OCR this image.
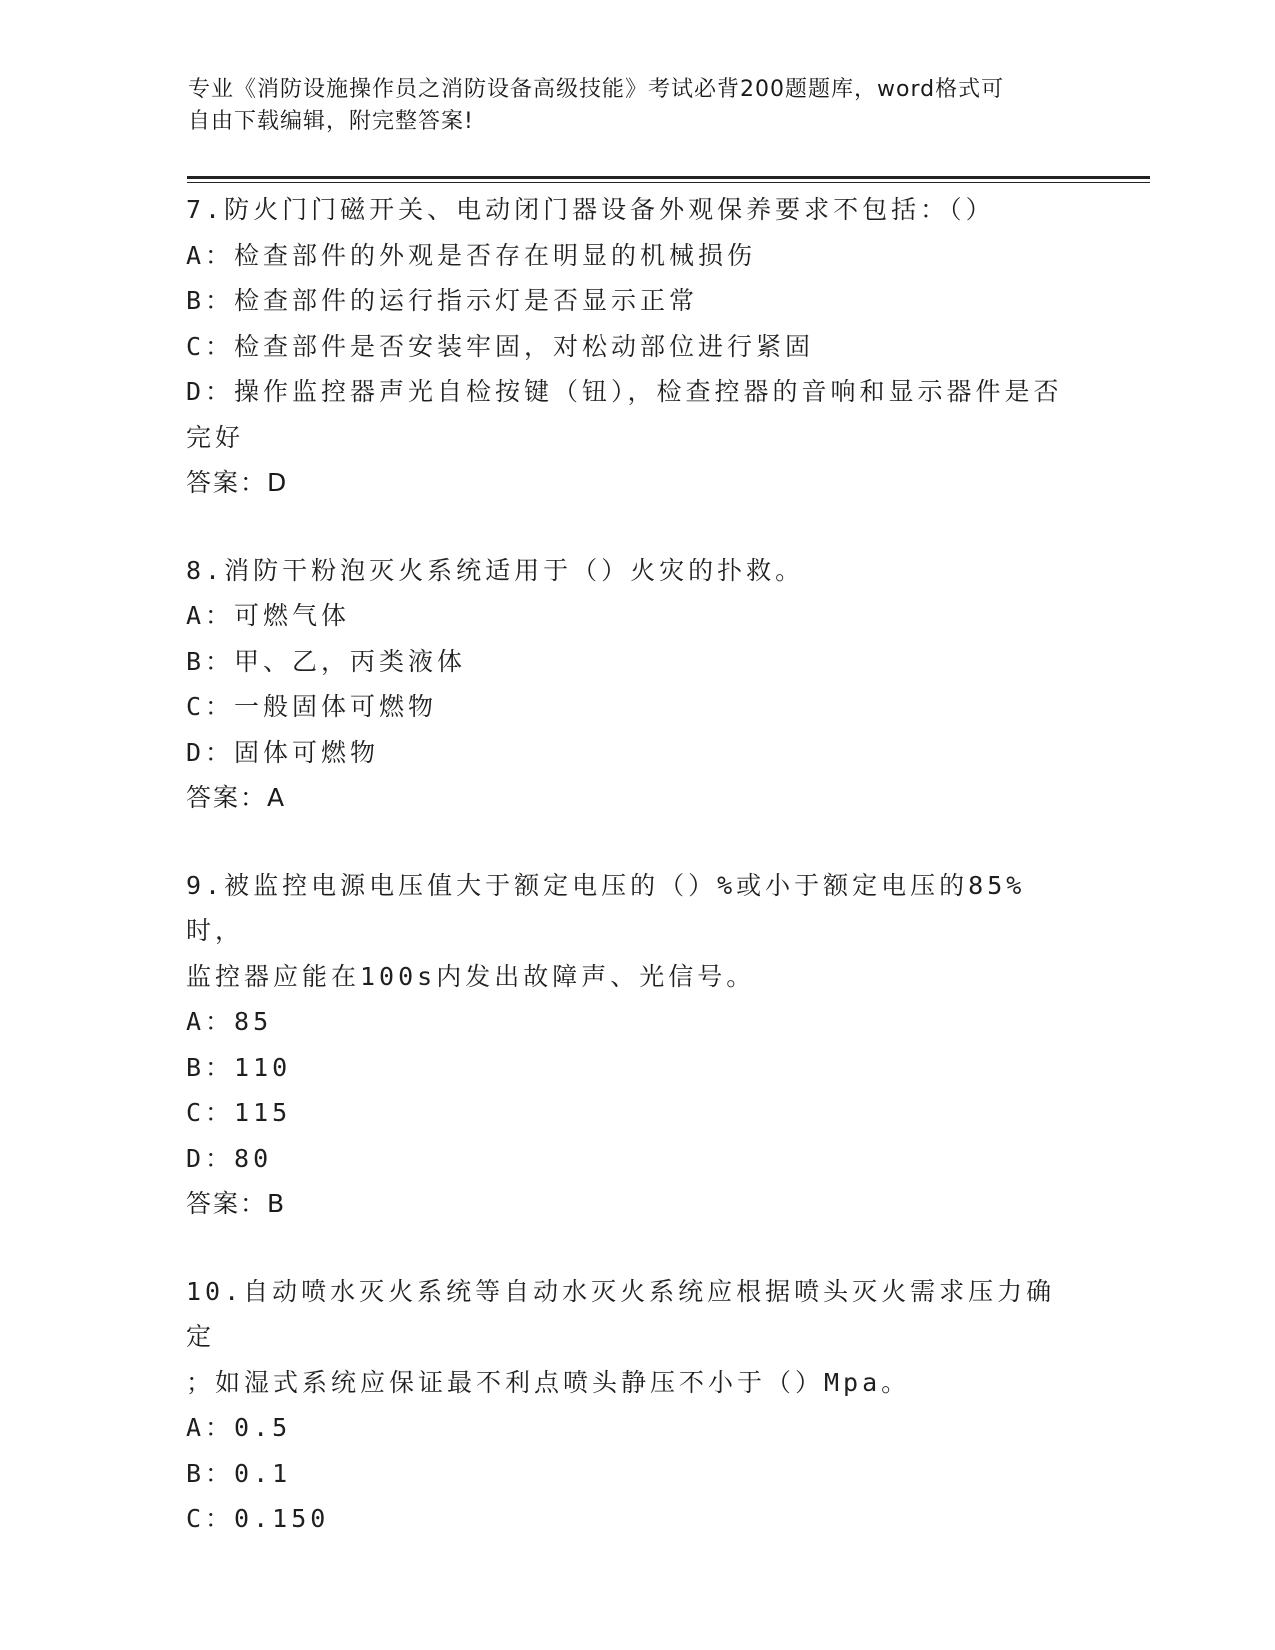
专业《消防设施操作员之消防设备高级技能》考试必背200题题库，word格式可
自由下载编辑，附完整答案!
7.防火门门磁开关、电动闭门器设备外观保养要求不包括：（）
A：检查部件的外观是否存在明显的机械损伤
B：检查部件的运行指示灯是否显示正常
C：检查部件是否安装牢固，对松动部位进行紧固
D：操作监控器声光自检按键（钮），检查控器的音响和显示器件是否
完好
答案：D
8.消防干粉泡灭火系统适用于（）火灾的扑救。
A：可燃气体
B：甲、乙，丙类液体
C：一般固体可燃物
D：固体可燃物
答案：A
9.被监控电源电压值大于额定电压的（）%或小于额定电压的85%时，
监控器应能在100s内发出故障声、光信号。
A：85
B：110
C：115
D：80
答案：B
10.自动喷水灭火系统等自动水灭火系统应根据喷头灭火需求压力确定
；如湿式系统应保证最不利点喷头静压不小于（）Mpa。
A：0.5
B：0.1
C：0.150
